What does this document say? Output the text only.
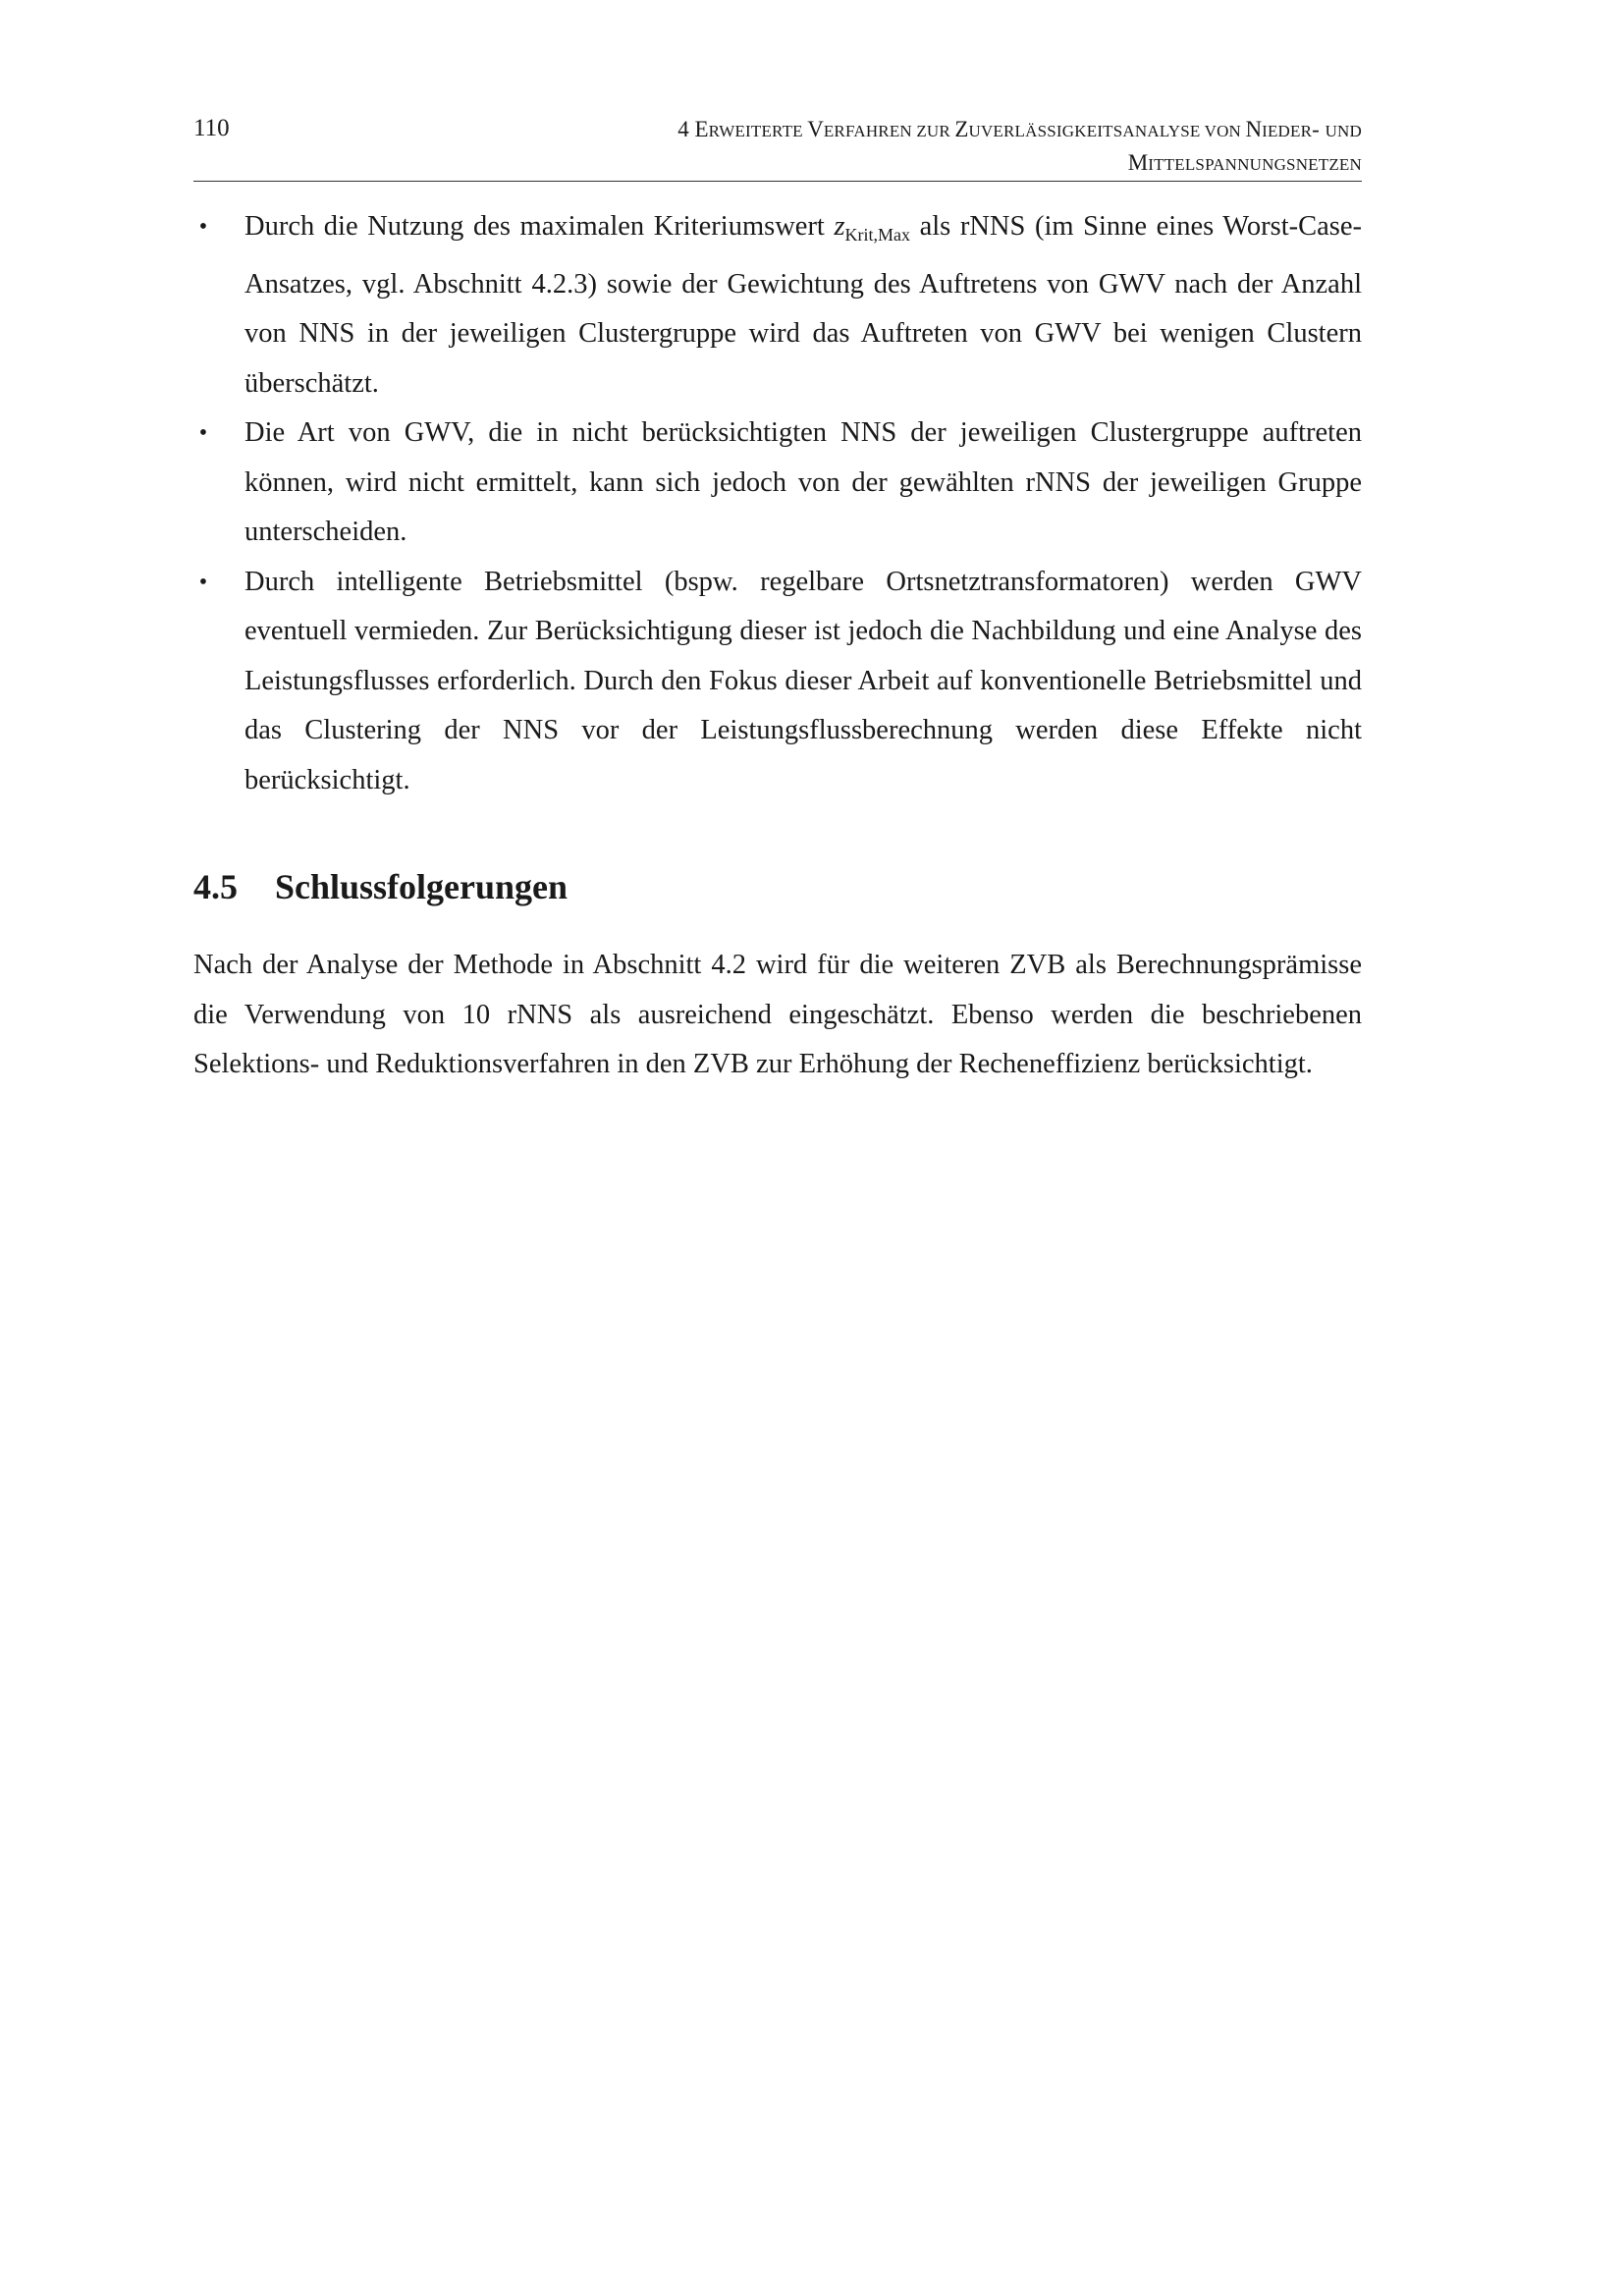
110	4 ERWEITERTE VERFAHREN ZUR ZUVERLÄSSIGKEITSANALYSE VON NIEDER- UND
MITTELSPANNUNGSNETZEN
• Durch die Nutzung des maximalen Kriteriumswert $z_{Krit,Max}$ als rNNS (im Sinne eines Worst-Case-Ansatzes, vgl. Abschnitt 4.2.3) sowie der Gewichtung des Auftretens von GWV nach der Anzahl von NNS in der jeweiligen Clustergruppe wird das Auftreten von GWV bei wenigen Clustern überschätzt.
• Die Art von GWV, die in nicht berücksichtigten NNS der jeweiligen Clustergruppe auftreten können, wird nicht ermittelt, kann sich jedoch von der gewählten rNNS der jeweiligen Gruppe unterscheiden.
• Durch intelligente Betriebsmittel (bspw. regelbare Ortsnetztransformatoren) werden GWV eventuell vermieden. Zur Berücksichtigung dieser ist jedoch die Nachbildung und eine Analyse des Leistungsflusses erforderlich. Durch den Fokus dieser Arbeit auf konventionelle Betriebsmittel und das Clustering der NNS vor der Leistungsflussberechnung werden diese Effekte nicht berücksichtigt.
4.5	Schlussfolgerungen

Nach der Analyse der Methode in Abschnitt 4.2 wird für die weiteren ZVB als Berechnungsprämisse die Verwendung von 10 rNNS als ausreichend eingeschätzt. Ebenso werden die beschriebenen Selektions- und Reduktionsverfahren in den ZVB zur Erhöhung der Recheneffizienz berücksichtigt.
